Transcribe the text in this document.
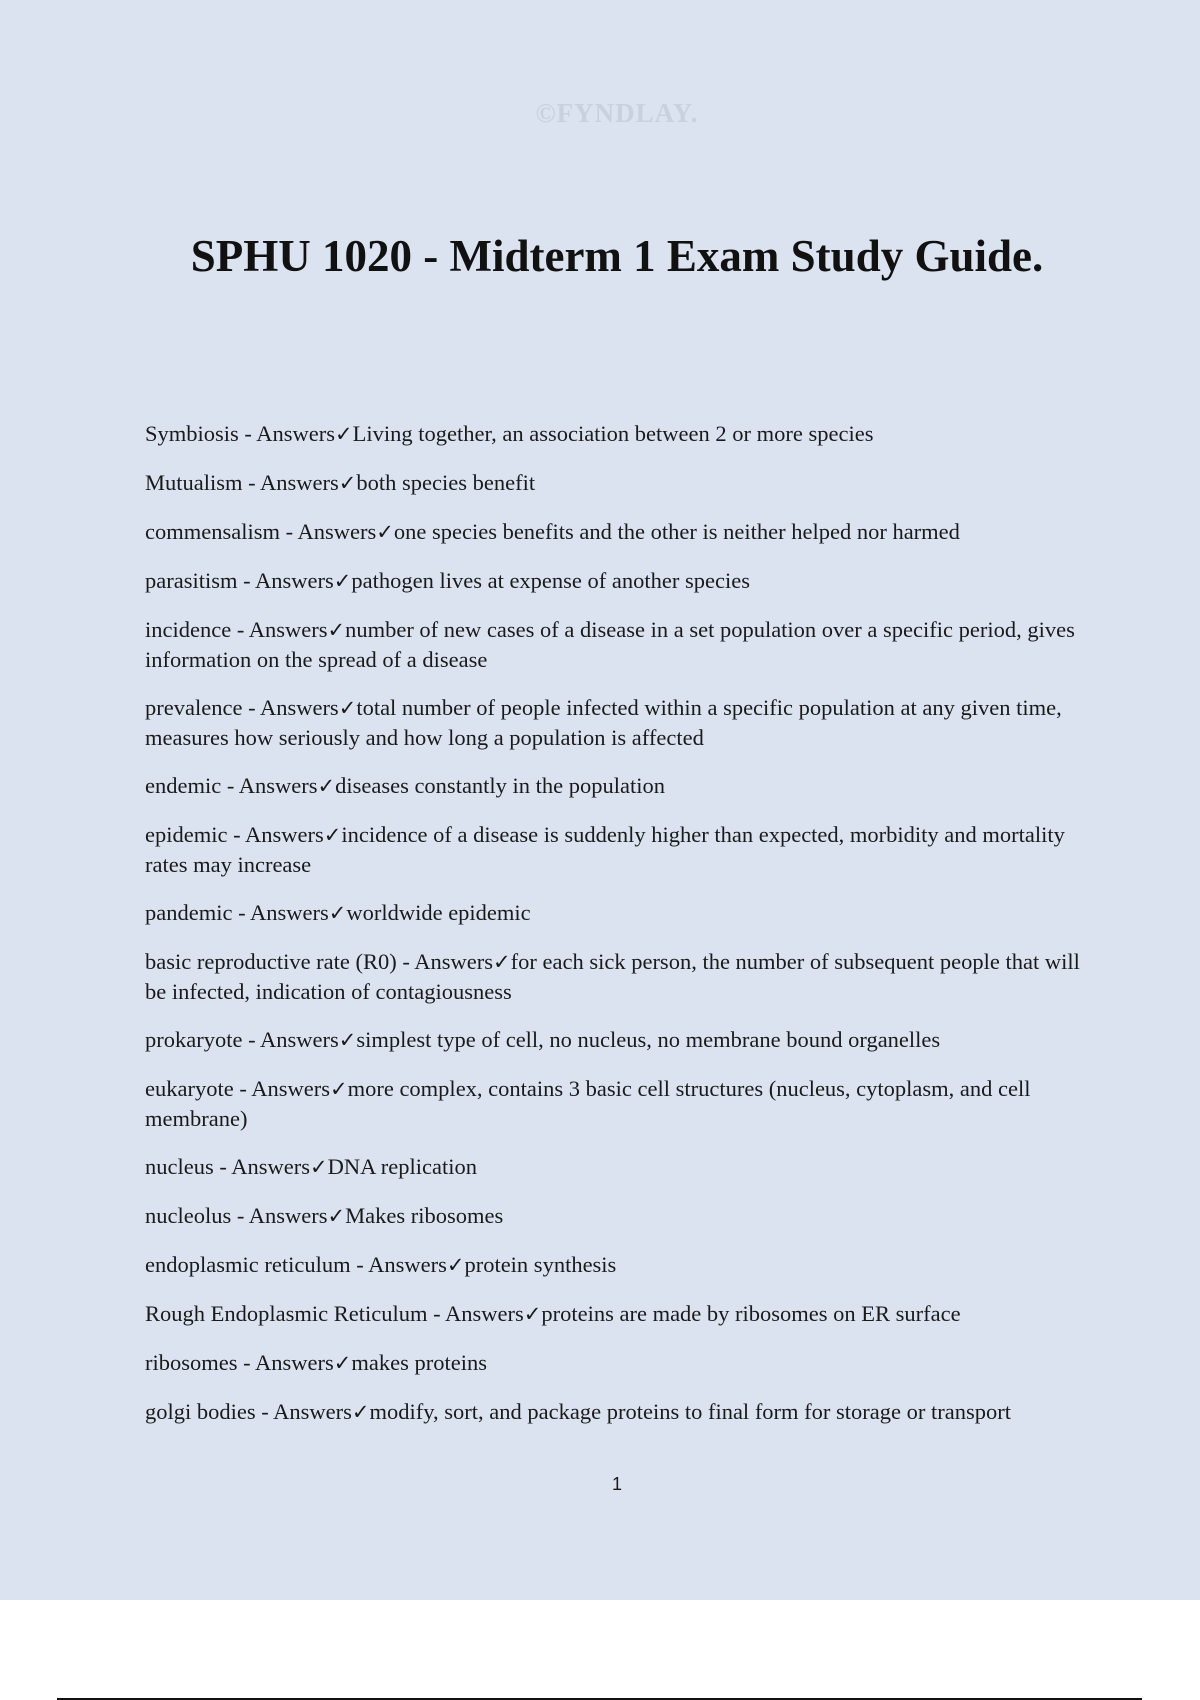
©FYNDLAY.
SPHU 1020 - Midterm 1 Exam Study Guide.

Symbiosis - Answers✓Living together, an association between 2 or more species

Mutualism - Answers✓both species benefit

commensalism - Answers✓one species benefits and the other is neither helped nor harmed

parasitism - Answers✓pathogen lives at expense of another species

incidence - Answers✓number of new cases of a disease in a set population over a specific period, gives information on the spread of a disease

prevalence - Answers✓total number of people infected within a specific population at any given time, measures how seriously and how long a population is affected

endemic - Answers✓diseases constantly in the population

epidemic - Answers✓incidence of a disease is suddenly higher than expected, morbidity and mortality rates may increase

pandemic - Answers✓worldwide epidemic

basic reproductive rate (R0) - Answers✓for each sick person, the number of subsequent people that will be infected, indication of contagiousness

prokaryote - Answers✓simplest type of cell, no nucleus, no membrane bound organelles

eukaryote - Answers✓more complex, contains 3 basic cell structures (nucleus, cytoplasm, and cell membrane)

nucleus - Answers✓DNA replication

nucleolus - Answers✓Makes ribosomes

endoplasmic reticulum - Answers✓protein synthesis

Rough Endoplasmic Reticulum - Answers✓proteins are made by ribosomes on ER surface

ribosomes - Answers✓makes proteins

golgi bodies - Answers✓modify, sort, and package proteins to final form for storage or transport

1
